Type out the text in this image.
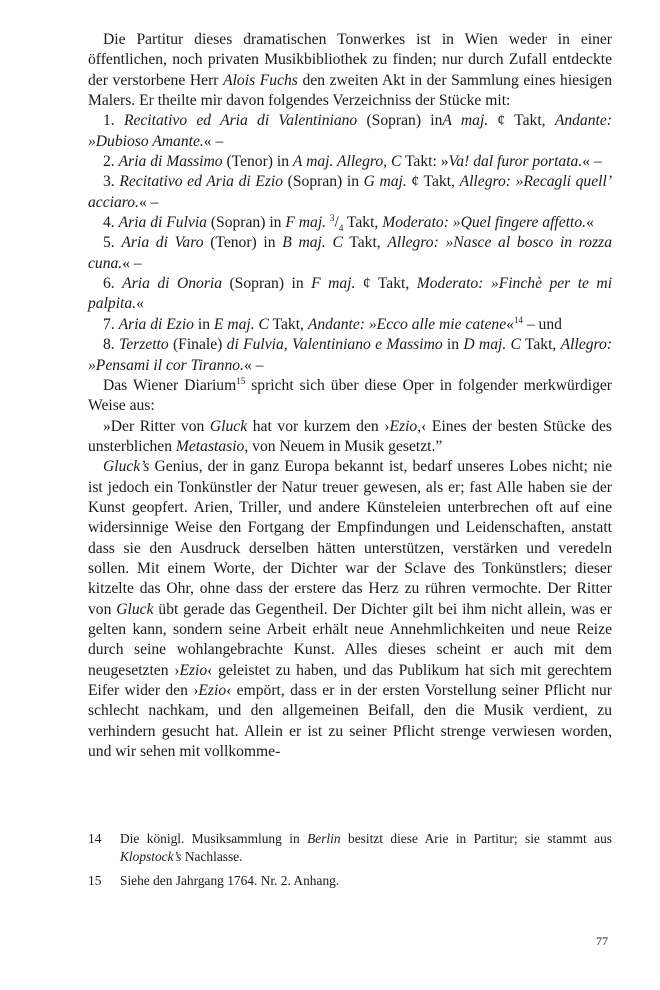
Die Partitur dieses dramatischen Tonwerkes ist in Wien weder in einer öffentlichen, noch privaten Musikbibliothek zu finden; nur durch Zufall entdeckte der verstorbene Herr Alois Fuchs den zweiten Akt in der Sammlung eines hiesigen Malers. Er theilte mir davon folgendes Verzeichniss der Stücke mit:

1. Recitativo ed Aria di Valentiniano (Sopran) inA maj. ¢ Takt, Andante: »Dubioso Amante.« –

2. Aria di Massimo (Tenor) in A maj. Allegro, C Takt: »Va! dal furor portata.« –

3. Recitativo ed Aria di Ezio (Sopran) in G maj. ¢ Takt, Allegro: »Recagli quell’ acciaro.« –

4. Aria di Fulvia (Sopran) in F maj. $^3/_4$ Takt, Moderato: »Quel fingere affetto.«

5. Aria di Varo (Tenor) in B maj. C Takt, Allegro: »Nasce al bosco in rozza cuna.« –

6. Aria di Onoria (Sopran) in F maj. ¢ Takt, Moderato: »Finchè per te mi palpita.«

7. Aria di Ezio in E maj. C Takt, Andante: »Ecco alle mie catene«$^{14}$ – und

8. Terzetto (Finale) di Fulvia, Valentiniano e Massimo in D maj. C Takt, Allegro: »Pensami il cor Tiranno.« –

Das Wiener Diarium$^{15}$ spricht sich über diese Oper in folgender merkwürdiger Weise aus:

»Der Ritter von Gluck hat vor kurzem den ›Ezio,‹ Eines der besten Stücke des unsterblichen Metastasio, von Neuem in Musik gesetzt.”

Gluck’s Genius, der in ganz Europa bekannt ist, bedarf unseres Lobes nicht; nie ist jedoch ein Tonkünstler der Natur treuer gewesen, als er; fast Alle haben sie der Kunst geopfert. Arien, Triller, und andere Künsteleien unterbrechen oft auf eine widersinnige Weise den Fortgang der Empfindungen und Leidenschaften, anstatt dass sie den Ausdruck derselben hätten unterstützen, verstärken und veredeln sollen. Mit einem Worte, der Dichter war der Sclave des Tonkünstlers; dieser kitzelte das Ohr, ohne dass der erstere das Herz zu rühren vermochte. Der Ritter von Gluck übt gerade das Gegentheil. Der Dichter gilt bei ihm nicht allein, was er gelten kann, sondern seine Arbeit erhält neue Annehmlichkeiten und neue Reize durch seine wohlangebrachte Kunst. Alles dieses scheint er auch mit dem neugesetzten ›Ezio‹ geleistet zu haben, und das Publikum hat sich mit gerechtem Eifer wider den ›Ezio‹ empört, dass er in der ersten Vorstellung seiner Pflicht nur schlecht nachkam, und den allgemeinen Beifall, den die Musik verdient, zu verhindern gesucht hat. Allein er ist zu seiner Pflicht strenge verwiesen worden, und wir sehen mit vollkomme-

14	Die königl. Musiksammlung in Berlin besitzt diese Arie in Partitur; sie stammt aus Klopstock’s Nachlasse.
15	Siehe den Jahrgang 1764. Nr. 2. Anhang.
77
